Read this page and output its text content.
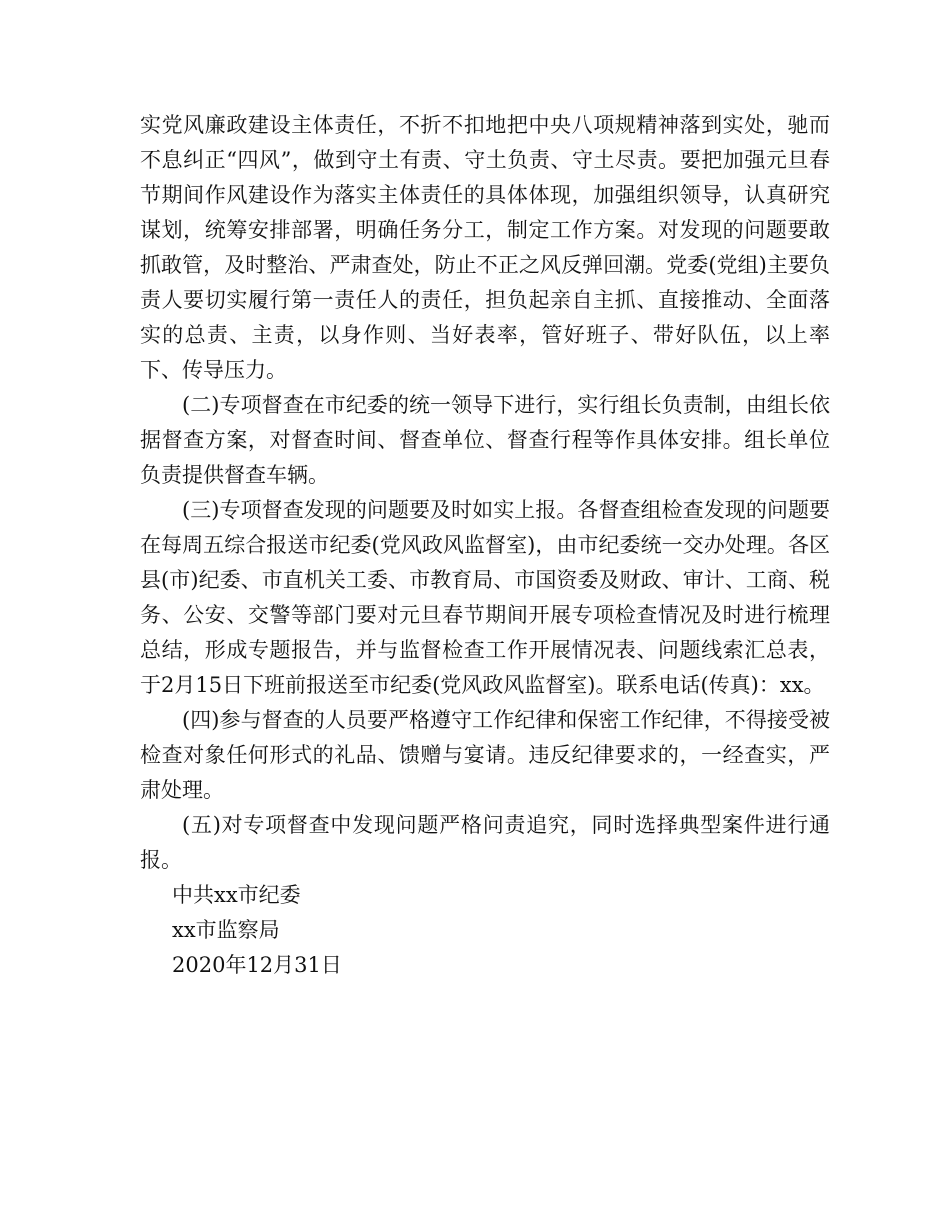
实党风廉政建设主体责任，不折不扣地把中央八项规精神落到实处，驰而不息纠正“四风”，做到守土有责、守土负责、守土尽责。要把加强元旦春节期间作风建设作为落实主体责任的具体体现，加强组织领导，认真研究谋划，统筹安排部署，明确任务分工，制定工作方案。对发现的问题要敢抓敢管，及时整治、严肃查处，防止不正之风反弹回潮。党委(党组)主要负责人要切实履行第一责任人的责任，担负起亲自主抓、直接推动、全面落实的总责、主责，以身作则、当好表率，管好班子、带好队伍，以上率下、传导压力。

(二)专项督查在市纪委的统一领导下进行，实行组长负责制，由组长依据督查方案，对督查时间、督查单位、督查行程等作具体安排。组长单位负责提供督查车辆。

(三)专项督查发现的问题要及时如实上报。各督查组检查发现的问题要在每周五综合报送市纪委(党风政风监督室)，由市纪委统一交办处理。各区县(市)纪委、市直机关工委、市教育局、市国资委及财政、审计、工商、税务、公安、交警等部门要对元旦春节期间开展专项检查情况及时进行梳理总结，形成专题报告，并与监督检查工作开展情况表、问题线索汇总表，于2月15日下班前报送至市纪委(党风政风监督室)。联系电话(传真)：xx。

(四)参与督查的人员要严格遵守工作纪律和保密工作纪律，不得接受被检查对象任何形式的礼品、馈赠与宴请。违反纪律要求的，一经查实，严肃处理。

(五)对专项督查中发现问题严格问责追究，同时选择典型案件进行通报。

中共xx市纪委
xx市监察局
2020年12月31日
